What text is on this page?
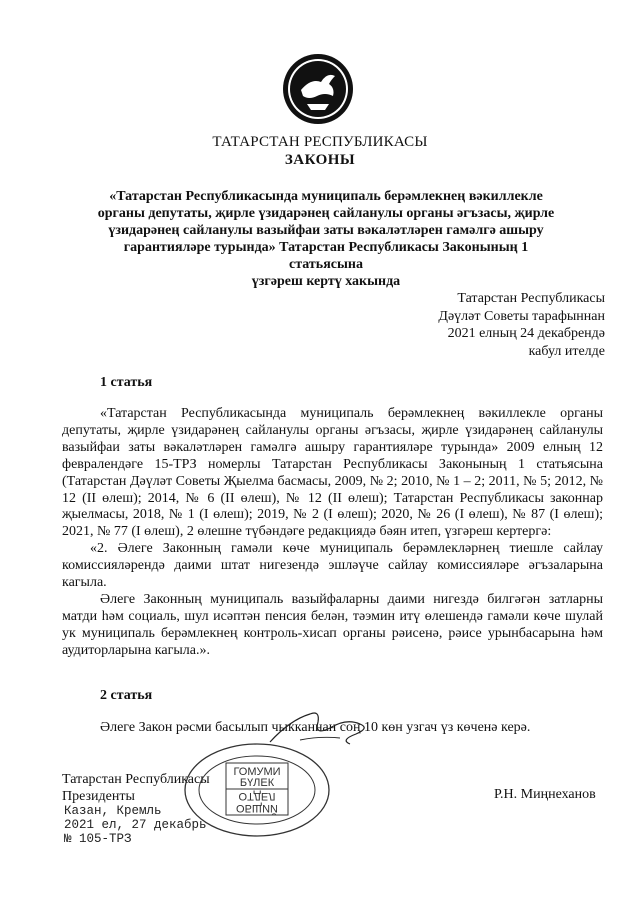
ТАТАРСТАН РЕСПУБЛИКАСЫ
ЗАКОНЫ
«Татарстан Республикасында муниципаль берәмлекнең вәкиллекле
органы депутаты, җирле үзидарәнең сайланулы органы әгъзасы, җирле
үзидарәнең сайланулы вазыйфаи заты вәкаләтләрен гамәлгә ашыру
гарантияләре турында» Татарстан Республикасы Законының 1 статьясына
үзгәреш кертү хакында
Татарстан Республикасы
Дәүләт Советы тарафыннан
2021 елның 24 декабрендә
кабул ителде
1 статья

«Татарстан Республикасында муниципаль берәмлекнең вәкиллекле органы депутаты, җирле үзидарәнең сайланулы органы әгъзасы, җирле үзидарәнең сайланулы вазыйфаи заты вәкаләтләрен гамәлгә ашыру гарантияләре турында» 2009 елның 12 февралендәге 15-ТРЗ номерлы Татарстан Республикасы Законының 1 статьясына (Татарстан Дәүләт Советы Җыелма басмасы, 2009, № 2; 2010, № 1 – 2; 2011, № 5; 2012, № 12 (II өлеш); 2014, № 6 (II өлеш), № 12 (II өлеш); Татарстан Республикасы законнар җыелмасы, 2018, № 1 (I өлеш); 2019, № 2 (I өлеш); 2020, № 26 (I өлеш), № 87 (I өлеш); 2021, № 77 (I өлеш), 2 өлешне түбәндәге редакциядә бәян итеп, үзгәреш кертергә:

«2. Әлеге Законның гамәли көче муниципаль берәмлекләрнең тиешле сайлау комиссияләрендә даими штат нигезендә эшләүче сайлау комиссияләре әгъзаларына кагыла.

Әлеге Законның муниципаль вазыйфаларны даими нигездә билгәгән затларны матди һәм социаль, шул исәптән пенсия белән, тәэмин итү өлешендә гамәли көче шулай ук муниципаль берәмлекнең контроль-хисап органы рәисенә, рәисе урынбасарына һәм аудиторларына кагыла.».

2 статья
Әлеге Закон рәсми басылып чыкканнан соң 10 көн узгач үз көченә керә.
Татарстан Республикасы
Президенты	Р.Н. Миңнеханов
Казан, Кремль
2021 ел, 27 декабрь
№ 105-ТРЗ
ГОМУМИ
БҮЛЕК
ОТДЕЛ
ОБЩИЙ
